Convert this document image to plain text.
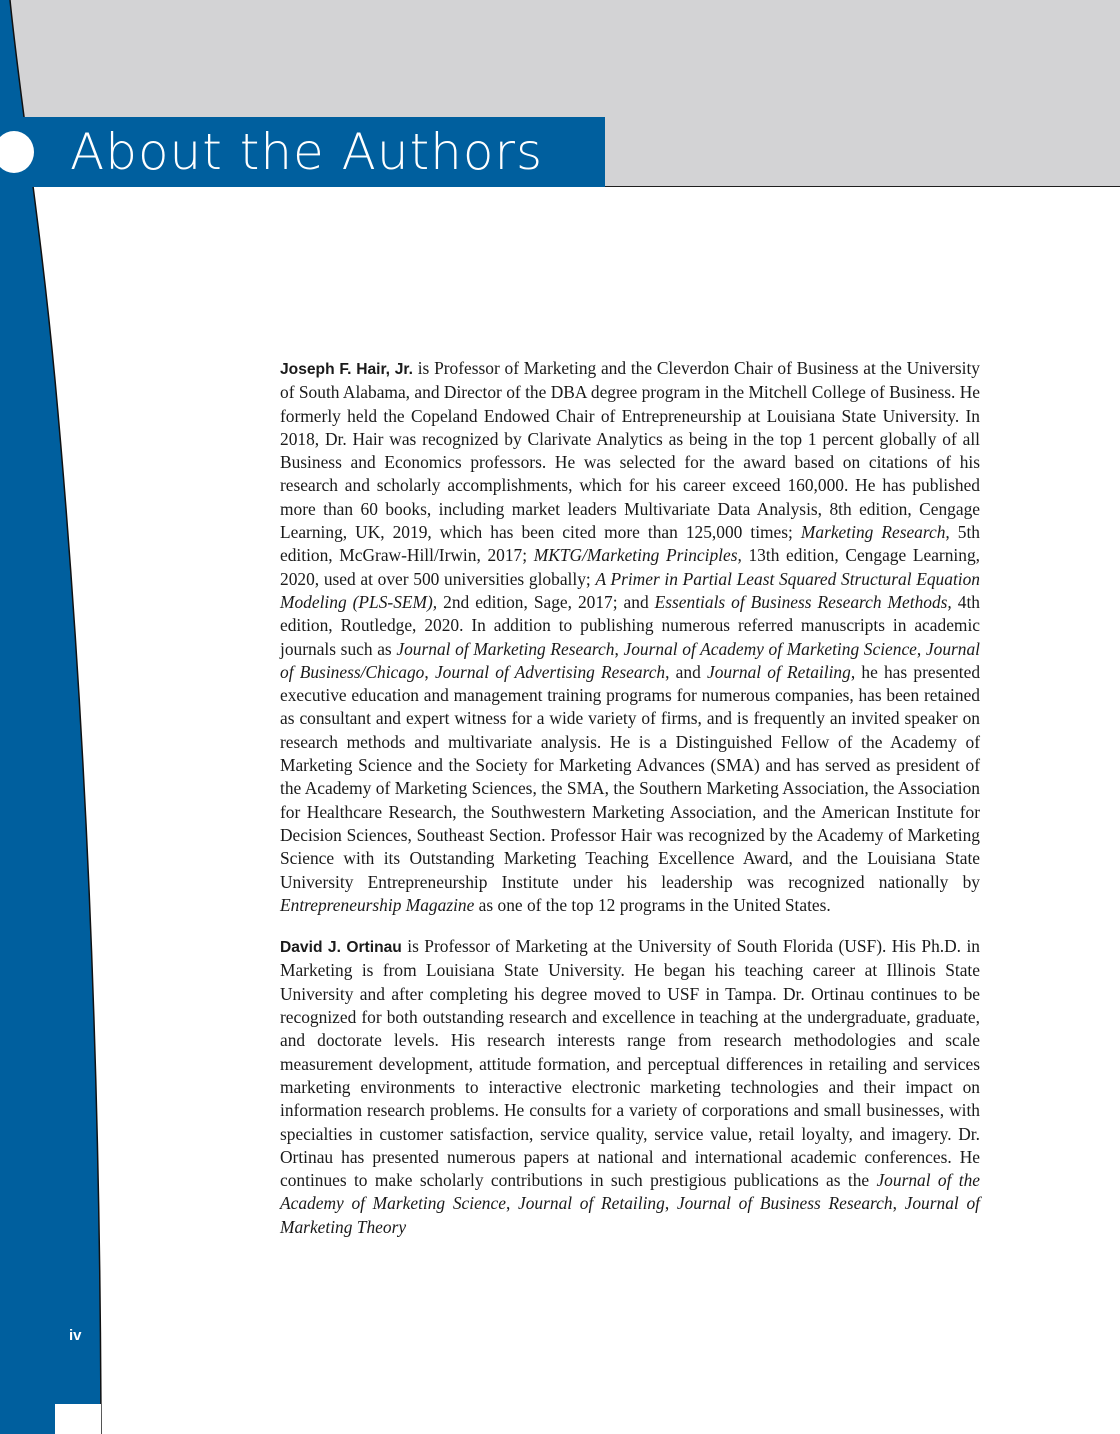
About the Authors

Joseph F. Hair, Jr. is Professor of Marketing and the Cleverdon Chair of Business at the University of South Alabama, and Director of the DBA degree program in the Mitchell College of Business. He formerly held the Copeland Endowed Chair of Entrepreneurship at Louisiana State University. In 2018, Dr. Hair was recognized by Clarivate Analytics as being in the top 1 percent globally of all Business and Economics professors. He was selected for the award based on citations of his research and scholarly accomplishments, which for his career exceed 160,000. He has published more than 60 books, including market leaders Multivariate Data Analysis, 8th edition, Cengage Learning, UK, 2019, which has been cited more than 125,000 times; Marketing Research, 5th edition, McGraw-Hill/Irwin, 2017; MKTG/Marketing Principles, 13th edition, Cengage Learning, 2020, used at over 500 universities globally; A Primer in Partial Least Squared Structural Equation Modeling (PLS-SEM), 2nd edition, Sage, 2017; and Essentials of Business Research Methods, 4th edition, Routledge, 2020. In addition to publishing numerous referred manuscripts in academic journals such as Journal of Marketing Research, Journal of Academy of Marketing Science, Journal of Business/Chicago, Journal of Advertising Research, and Journal of Retailing, he has presented executive education and management training programs for numerous companies, has been retained as consultant and expert witness for a wide variety of firms, and is frequently an invited speaker on research methods and multivariate analysis. He is a Distinguished Fellow of the Academy of Marketing Science and the Society for Marketing Advances (SMA) and has served as president of the Academy of Marketing Sciences, the SMA, the Southern Marketing Association, the Association for Healthcare Research, the Southwestern Marketing Association, and the American Institute for Decision Sciences, Southeast Section. Professor Hair was recognized by the Academy of Marketing Science with its Outstanding Marketing Teaching Excellence Award, and the Louisiana State University Entrepreneurship Institute under his leadership was recognized nationally by Entrepreneurship Magazine as one of the top 12 programs in the United States.

David J. Ortinau is Professor of Marketing at the University of South Florida (USF). His Ph.D. in Marketing is from Louisiana State University. He began his teaching career at Illinois State University and after completing his degree moved to USF in Tampa. Dr. Ortinau continues to be recognized for both outstanding research and excellence in teaching at the undergraduate, graduate, and doctorate levels. His research interests range from research methodologies and scale measurement development, attitude formation, and perceptual differences in retailing and services marketing environments to interactive electronic marketing technologies and their impact on information research problems. He consults for a variety of corporations and small businesses, with specialties in customer satisfaction, service quality, service value, retail loyalty, and imagery. Dr. Ortinau has presented numerous papers at national and international academic conferences. He continues to make scholarly contributions in such prestigious publications as the Journal of the Academy of Marketing Science, Journal of Retailing, Journal of Business Research, Journal of Marketing Theory

iv
